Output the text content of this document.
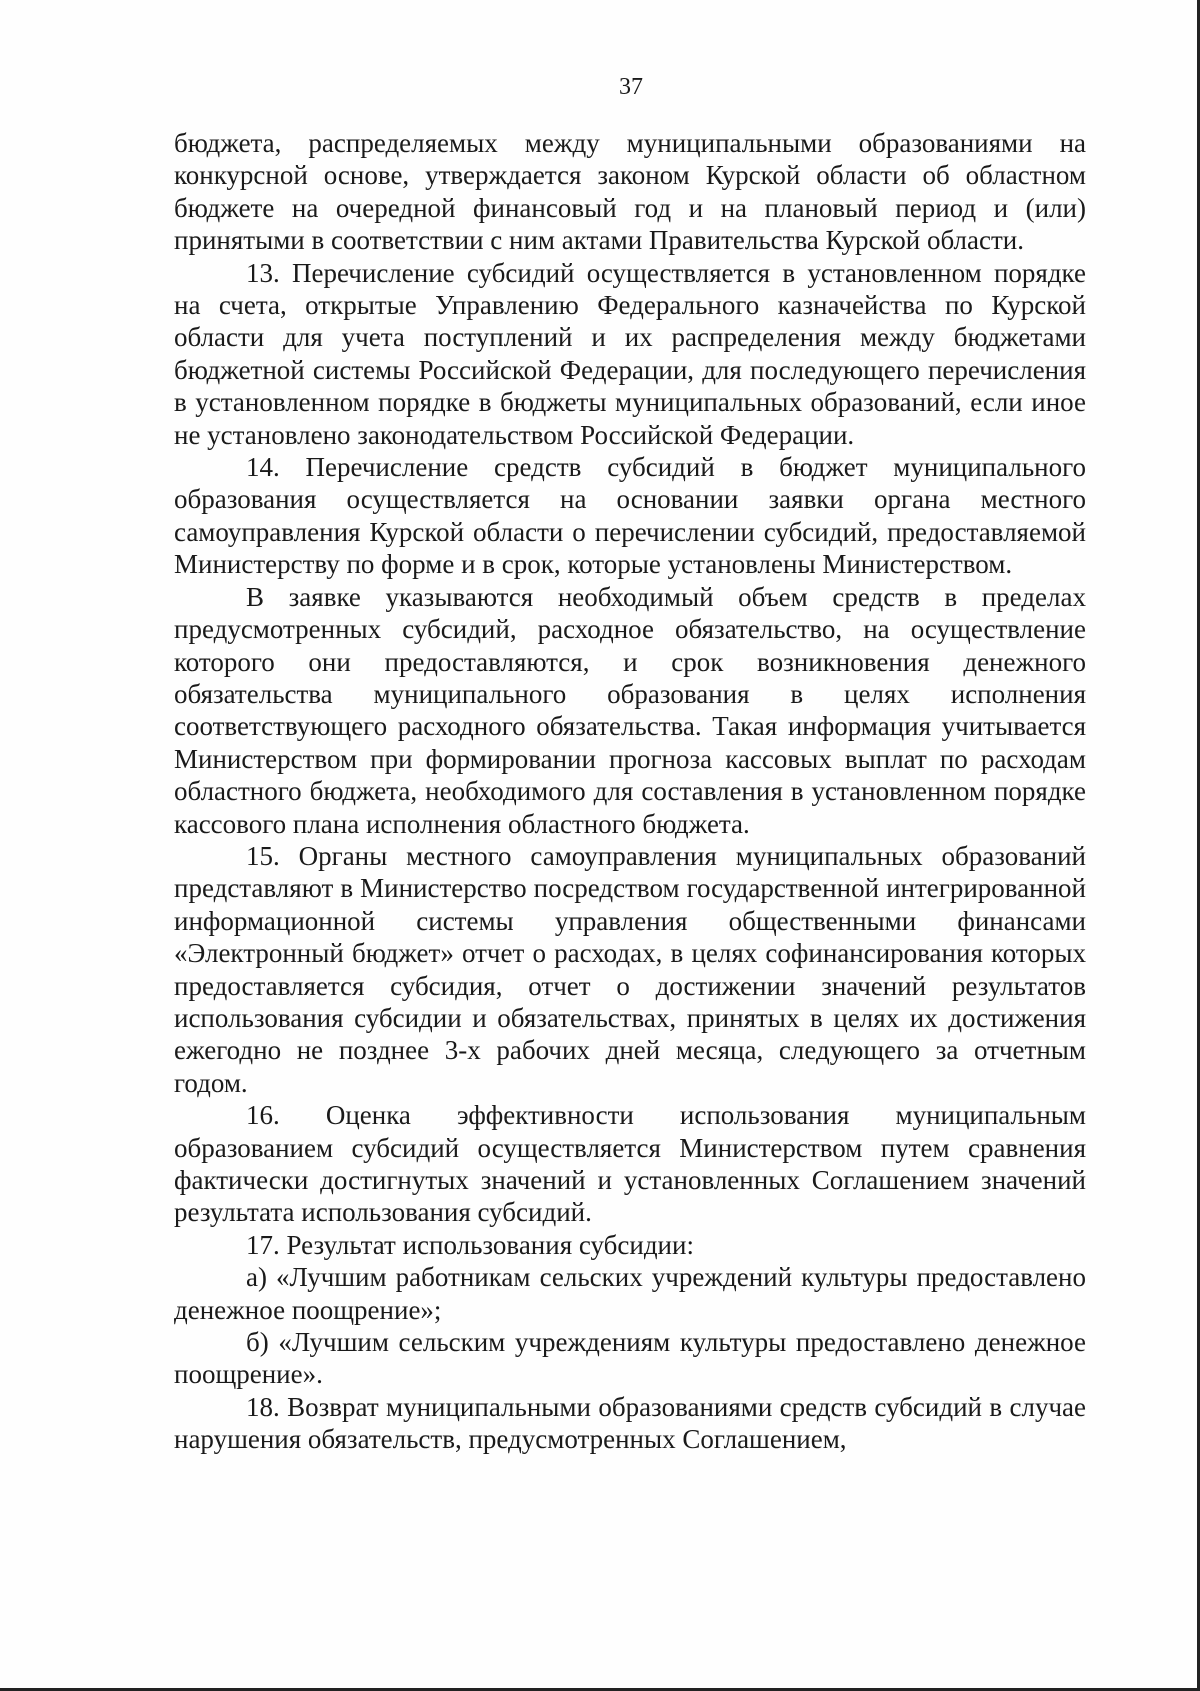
37

бюджета, распределяемых между муниципальными образованиями на конкурсной основе, утверждается законом Курской области об областном бюджете на очередной финансовый год и на плановый период и (или) принятыми в соответствии с ним актами Правительства Курской области.

13. Перечисление субсидий осуществляется в установленном порядке на счета, открытые Управлению Федерального казначейства по Курской области для учета поступлений и их распределения между бюджетами бюджетной системы Российской Федерации, для последующего перечисления в установленном порядке в бюджеты муниципальных образований, если иное не установлено законодательством Российской Федерации.

14. Перечисление средств субсидий в бюджет муниципального образования осуществляется на основании заявки органа местного самоуправления Курской области о перечислении субсидий, предоставляемой Министерству по форме и в срок, которые установлены Министерством.

В заявке указываются необходимый объем средств в пределах предусмотренных субсидий, расходное обязательство, на осуществление которого они предоставляются, и срок возникновения денежного обязательства муниципального образования в целях исполнения соответствующего расходного обязательства. Такая информация учитывается Министерством при формировании прогноза кассовых выплат по расходам областного бюджета, необходимого для составления в установленном порядке кассового плана исполнения областного бюджета.

15. Органы местного самоуправления муниципальных образований представляют в Министерство посредством государственной интегрированной информационной системы управления общественными финансами «Электронный бюджет» отчет о расходах, в целях софинансирования которых предоставляется субсидия, отчет о достижении значений результатов использования субсидии и обязательствах, принятых в целях их достижения ежегодно не позднее 3-х рабочих дней месяца, следующего за отчетным годом.

16. Оценка эффективности использования муниципальным образованием субсидий осуществляется Министерством путем сравнения фактически достигнутых значений и установленных Соглашением значений результата использования субсидий.

17. Результат использования субсидии:

а) «Лучшим работникам сельских учреждений культуры предоставлено денежное поощрение»;

б) «Лучшим сельским учреждениям культуры предоставлено денежное поощрение».

18. Возврат муниципальными образованиями средств субсидий в случае нарушения обязательств, предусмотренных Соглашением,
